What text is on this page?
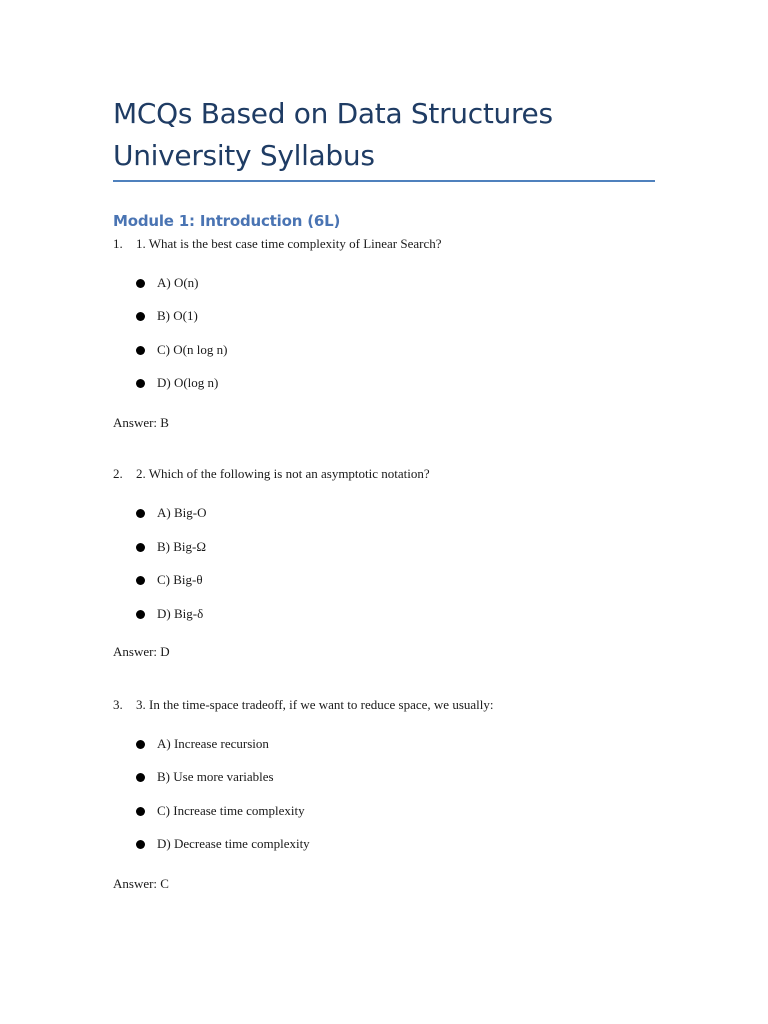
MCQs Based on Data Structures University Syllabus
Module 1: Introduction (6L)
1. 1. What is the best case time complexity of Linear Search?
A) O(n)
B) O(1)
C) O(n log n)
D) O(log n)
Answer: B
2. 2. Which of the following is not an asymptotic notation?
A) Big-O
B) Big-Ω
C) Big-θ
D) Big-δ
Answer: D
3. 3. In the time-space tradeoff, if we want to reduce space, we usually:
A) Increase recursion
B) Use more variables
C) Increase time complexity
D) Decrease time complexity
Answer: C
